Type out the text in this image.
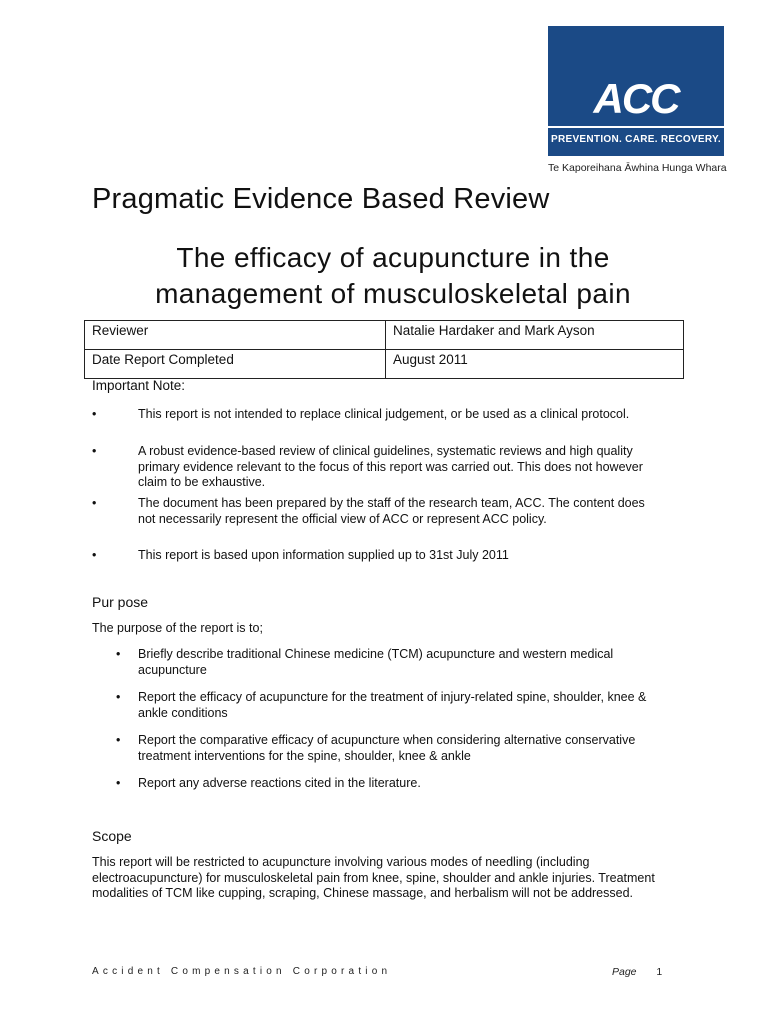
ACC
PREVENTION. CARE. RECOVERY.
Te Kaporeihana Āwhina Hunga Whara
Pragmatic Evidence Based Review
The efficacy of acupuncture in the management of musculoskeletal pain
Reviewer	Natalie Hardaker and Mark Ayson
Date Report Completed	August 2011
Important Note:
•	This report is not intended to replace clinical judgement, or be used as a clinical protocol.
•	A robust evidence-based review of clinical guidelines, systematic reviews and high quality primary evidence relevant to the focus of this report was carried out. This does not however claim to be exhaustive.
•	The document has been prepared by the staff of the research team, ACC. The content does not necessarily represent the official view of ACC or represent ACC policy.
•	This report is based upon information supplied up to 31st July 2011
Pur pose
The purpose of the report is to;
• Briefly describe traditional Chinese medicine (TCM) acupuncture and western medical acupuncture
• Report the efficacy of acupuncture for the treatment of injury-related spine, shoulder, knee & ankle conditions
• Report the comparative efficacy of acupuncture when considering alternative conservative treatment interventions for the spine, shoulder, knee & ankle
• Report any adverse reactions cited in the literature.
Scope
This report will be restricted to acupuncture involving various modes of needling (including electroacupuncture) for musculoskeletal pain from knee, spine, shoulder and ankle injuries. Treatment modalities of TCM like cupping, scraping, Chinese massage, and herbalism will not be addressed.
Accident Compensation Corporation	Page 1
